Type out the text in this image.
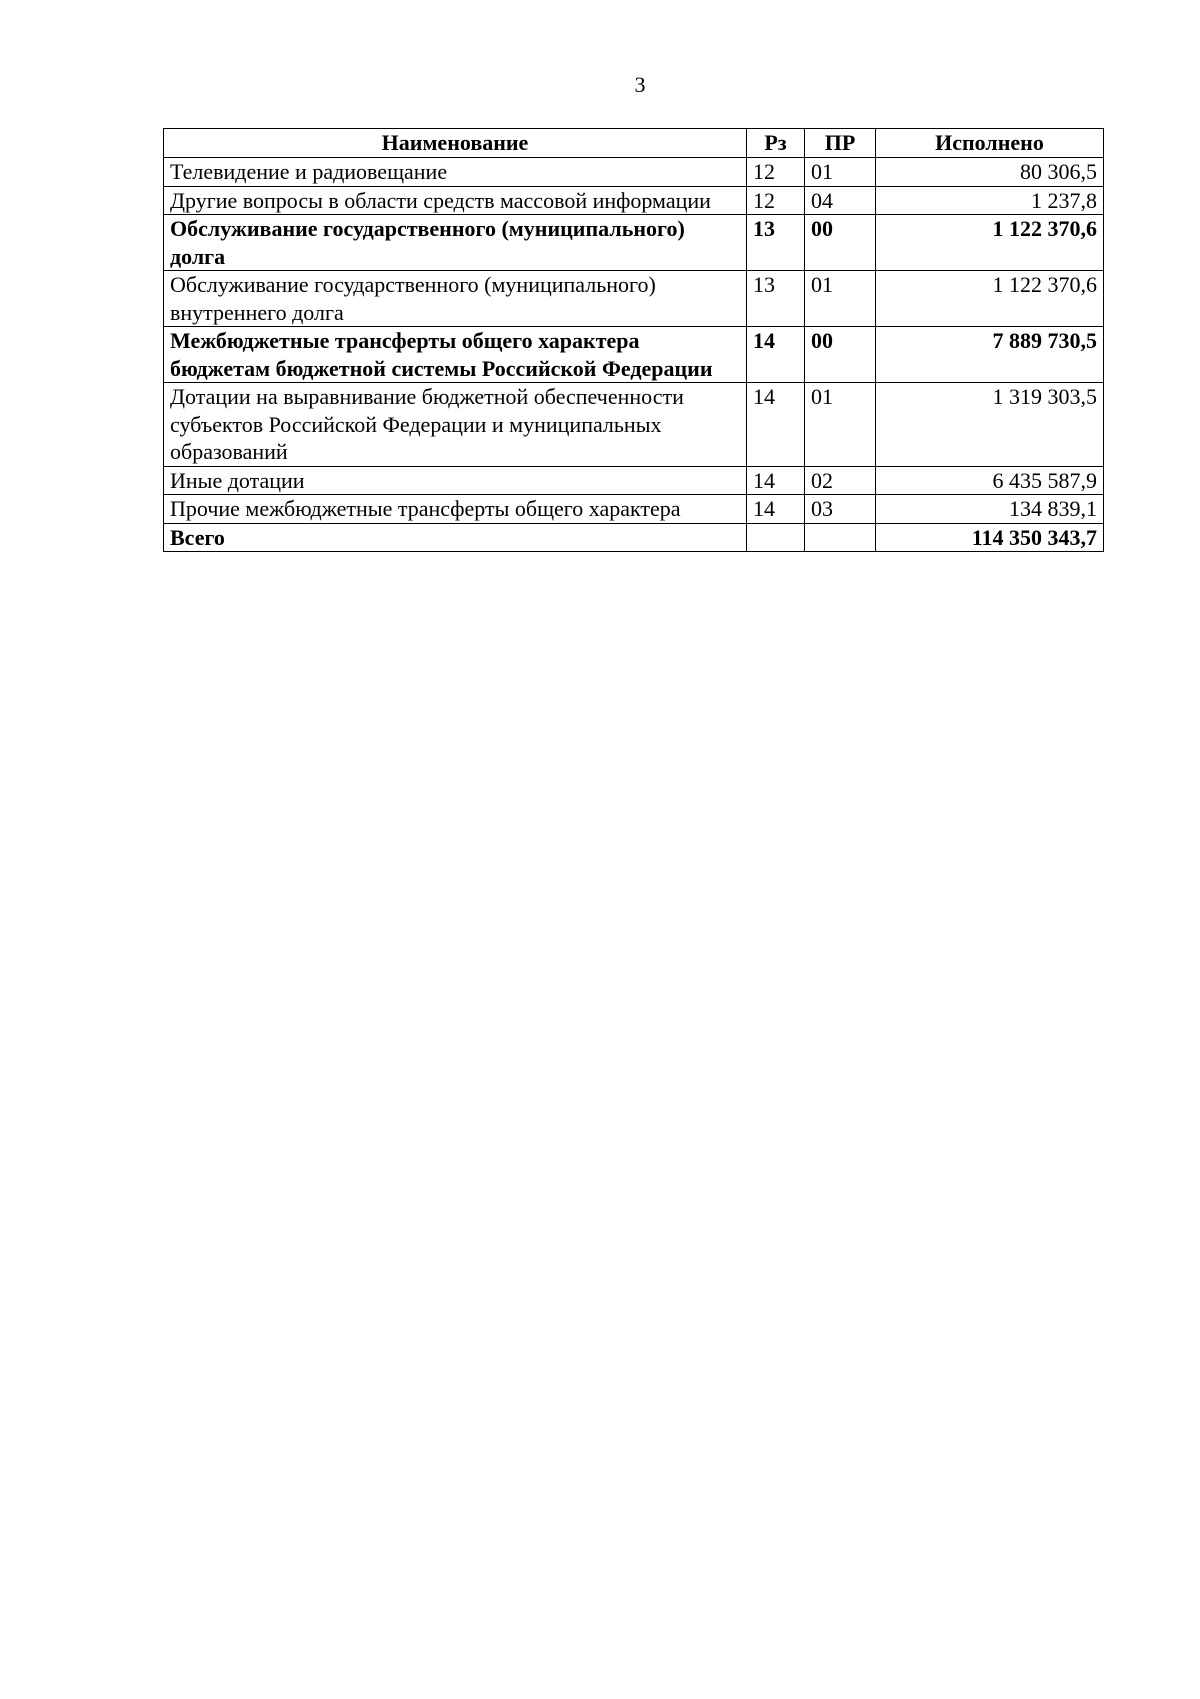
3
Наименование	Рз	ПР	Исполнено
Телевидение и радиовещание	12	01	80 306,5
Другие вопросы в области средств массовой информации	12	04	1 237,8
Обслуживание государственного (муниципального) долга	13	00	1 122 370,6
Обслуживание государственного (муниципального) внутреннего долга	13	01	1 122 370,6
Межбюджетные трансферты общего характера бюджетам бюджетной системы Российской Федерации	14	00	7 889 730,5
Дотации на выравнивание бюджетной обеспеченности субъектов Российской Федерации и муниципальных образований	14	01	1 319 303,5
Иные дотации	14	02	6 435 587,9
Прочие межбюджетные трансферты общего характера	14	03	134 839,1
Всего			114 350 343,7
